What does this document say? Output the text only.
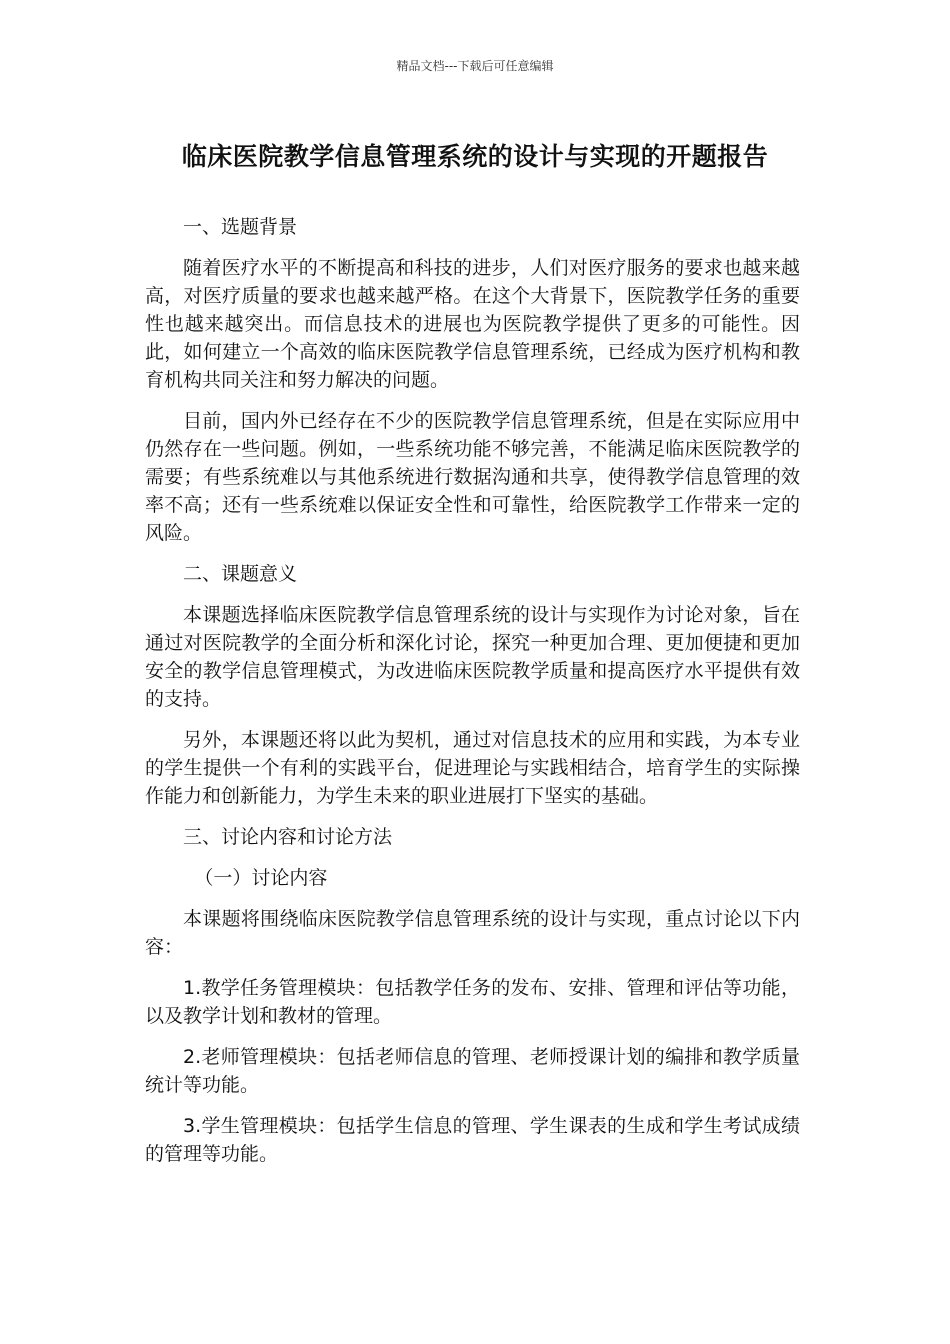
精品文档---下载后可任意编辑
临床医院教学信息管理系统的设计与实现的开题报告

一、选题背景

随着医疗水平的不断提高和科技的进步，人们对医疗服务的要求也越来越高，对医疗质量的要求也越来越严格。在这个大背景下，医院教学任务的重要性也越来越突出。而信息技术的进展也为医院教学提供了更多的可能性。因此，如何建立一个高效的临床医院教学信息管理系统，已经成为医疗机构和教育机构共同关注和努力解决的问题。

目前，国内外已经存在不少的医院教学信息管理系统，但是在实际应用中仍然存在一些问题。例如，一些系统功能不够完善，不能满足临床医院教学的需要；有些系统难以与其他系统进行数据沟通和共享，使得教学信息管理的效率不高；还有一些系统难以保证安全性和可靠性，给医院教学工作带来一定的风险。

二、课题意义

本课题选择临床医院教学信息管理系统的设计与实现作为讨论对象，旨在通过对医院教学的全面分析和深化讨论，探究一种更加合理、更加便捷和更加安全的教学信息管理模式，为改进临床医院教学质量和提高医疗水平提供有效的支持。

另外，本课题还将以此为契机，通过对信息技术的应用和实践，为本专业的学生提供一个有利的实践平台，促进理论与实践相结合，培育学生的实际操作能力和创新能力，为学生未来的职业进展打下坚实的基础。

三、讨论内容和讨论方法

（一）讨论内容

本课题将围绕临床医院教学信息管理系统的设计与实现，重点讨论以下内容：

1.教学任务管理模块：包括教学任务的发布、安排、管理和评估等功能，以及教学计划和教材的管理。

2.老师管理模块：包括老师信息的管理、老师授课计划的编排和教学质量统计等功能。

3.学生管理模块：包括学生信息的管理、学生课表的生成和学生考试成绩的管理等功能。
